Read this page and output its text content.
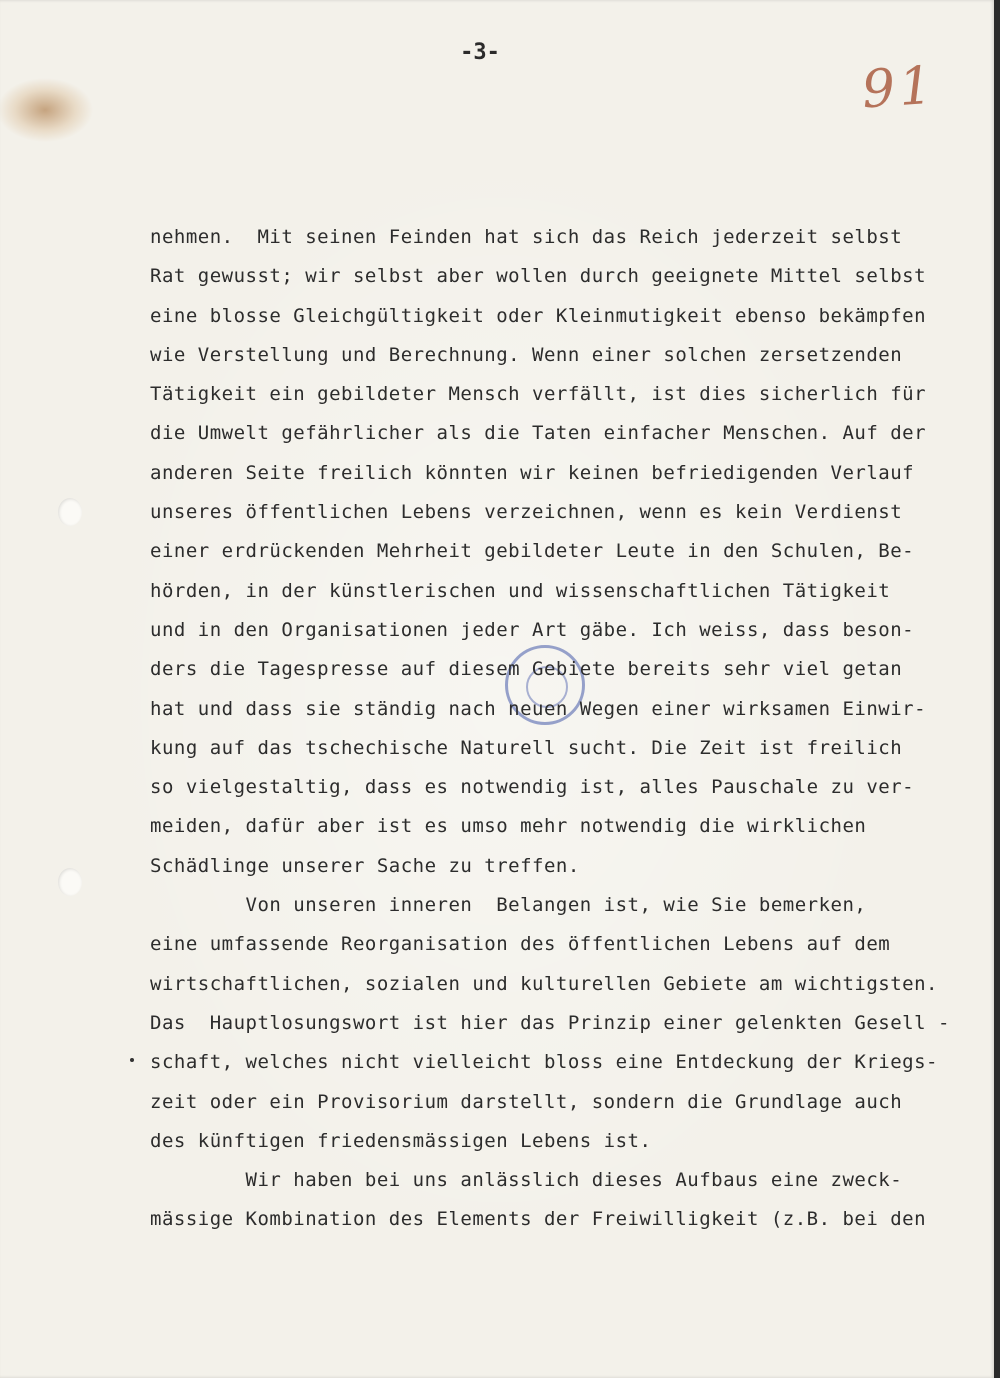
-3-
91
nehmen.  Mit seinen Feinden hat sich das Reich jederzeit selbst
Rat gewusst; wir selbst aber wollen durch geeignete Mittel selbst
eine blosse Gleichgültigkeit oder Kleinmutigkeit ebenso bekämpfen
wie Verstellung und Berechnung. Wenn einer solchen zersetzenden
Tätigkeit ein gebildeter Mensch verfällt, ist dies sicherlich für
die Umwelt gefährlicher als die Taten einfacher Menschen. Auf der
anderen Seite freilich könnten wir keinen befriedigenden Verlauf
unseres öffentlichen Lebens verzeichnen, wenn es kein Verdienst
einer erdrückenden Mehrheit gebildeter Leute in den Schulen, Be-
hörden, in der künstlerischen und wissenschaftlichen Tätigkeit
und in den Organisationen jeder Art gäbe. Ich weiss, dass beson-
ders die Tagespresse auf diesem Gebiete bereits sehr viel getan
hat und dass sie ständig nach neuen Wegen einer wirksamen Einwir-
kung auf das tschechische Naturell sucht. Die Zeit ist freilich
so vielgestaltig, dass es notwendig ist, alles Pauschale zu ver-
meiden, dafür aber ist es umso mehr notwendig die wirklichen
Schädlinge unserer Sache zu treffen.
Von unseren inneren  Belangen ist, wie Sie bemerken,
eine umfassende Reorganisation des öffentlichen Lebens auf dem
wirtschaftlichen, sozialen und kulturellen Gebiete am wichtigsten.
Das  Hauptlosungswort ist hier das Prinzip einer gelenkten Gesell -
schaft, welches nicht vielleicht bloss eine Entdeckung der Kriegs-
zeit oder ein Provisorium darstellt, sondern die Grundlage auch
des künftigen friedensmässigen Lebens ist.
Wir haben bei uns anlässlich dieses Aufbaus eine zweck-
mässige Kombination des Elements der Freiwilligkeit (z.B. bei den
